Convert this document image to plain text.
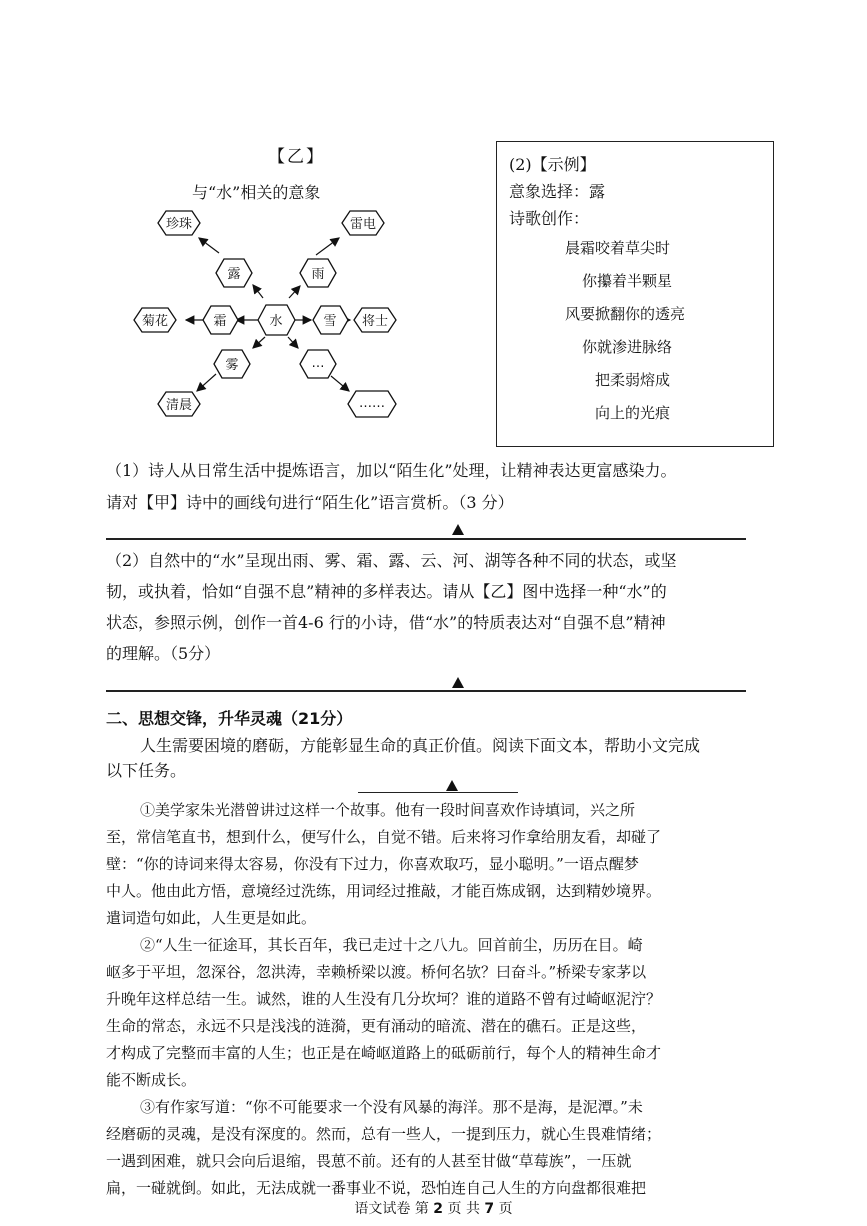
【乙】
与“水”相关的意象
珍珠
露
雷电
雨
菊花	霜	水	雪 将士
雾
清晨
…
……
(2)【示例】
意象选择：露
诗歌创作：
晨霜咬着草尖时
你攥着半颗星
风要掀翻你的透亮
你就渗进脉络
把柔弱熔成
向上的光痕
（1）诗人从日常生活中提炼语言，加以“陌生化”处理，让精神表达更富感染力。
请对【甲】诗中的画线句进行“陌生化”语言赏析。（3 分）
（2）自然中的“水”呈现出雨、雾、霜、露、云、河、湖等各种不同的状态，或坚
韧，或执着，恰如“自强不息”精神的多样表达。请从【乙】图中选择一种“水”的
状态，参照示例，创作一首4-6 行的小诗，借“水”的特质表达对“自强不息”精神
的理解。（5分）
二、思想交锋，升华灵魂（21分）
人生需要困境的磨砺，方能彰显生命的真正价值。阅读下面文本，帮助小文完成
以下任务。
①美学家朱光潜曾讲过这样一个故事。他有一段时间喜欢作诗填词，兴之所
至，常信笔直书，想到什么，便写什么，自觉不错。后来将习作拿给朋友看，却碰了
壁：“你的诗词来得太容易，你没有下过力，你喜欢取巧，显小聪明。”一语点醒梦
中人。他由此方悟，意境经过洗练，用词经过推敲，才能百炼成钢，达到精妙境界。
遣词造句如此，人生更是如此。
②“人生一征途耳，其长百年，我已走过十之八九。回首前尘，历历在目。崎
岖多于平坦，忽深谷，忽洪涛，幸赖桥梁以渡。桥何名欤？曰奋斗。”桥梁专家茅以
升晚年这样总结一生。诚然，谁的人生没有几分坎坷？谁的道路不曾有过崎岖泥泞？
生命的常态，永远不只是浅浅的涟漪，更有涌动的暗流、潜在的礁石。正是这些，
才构成了完整而丰富的人生；也正是在崎岖道路上的砥砺前行，每个人的精神生命才
能不断成长。
③有作家写道：“你不可能要求一个没有风暴的海洋。那不是海，是泥潭。”未
经磨砺的灵魂，是没有深度的。然而，总有一些人，一提到压力，就心生畏难情绪；
一遇到困难，就只会向后退缩，畏葸不前。还有的人甚至甘做“草莓族”，一压就
扁，一碰就倒。如此，无法成就一番事业不说，恐怕连自己人生的方向盘都很难把
语文试卷 第 2 页 共 7 页
